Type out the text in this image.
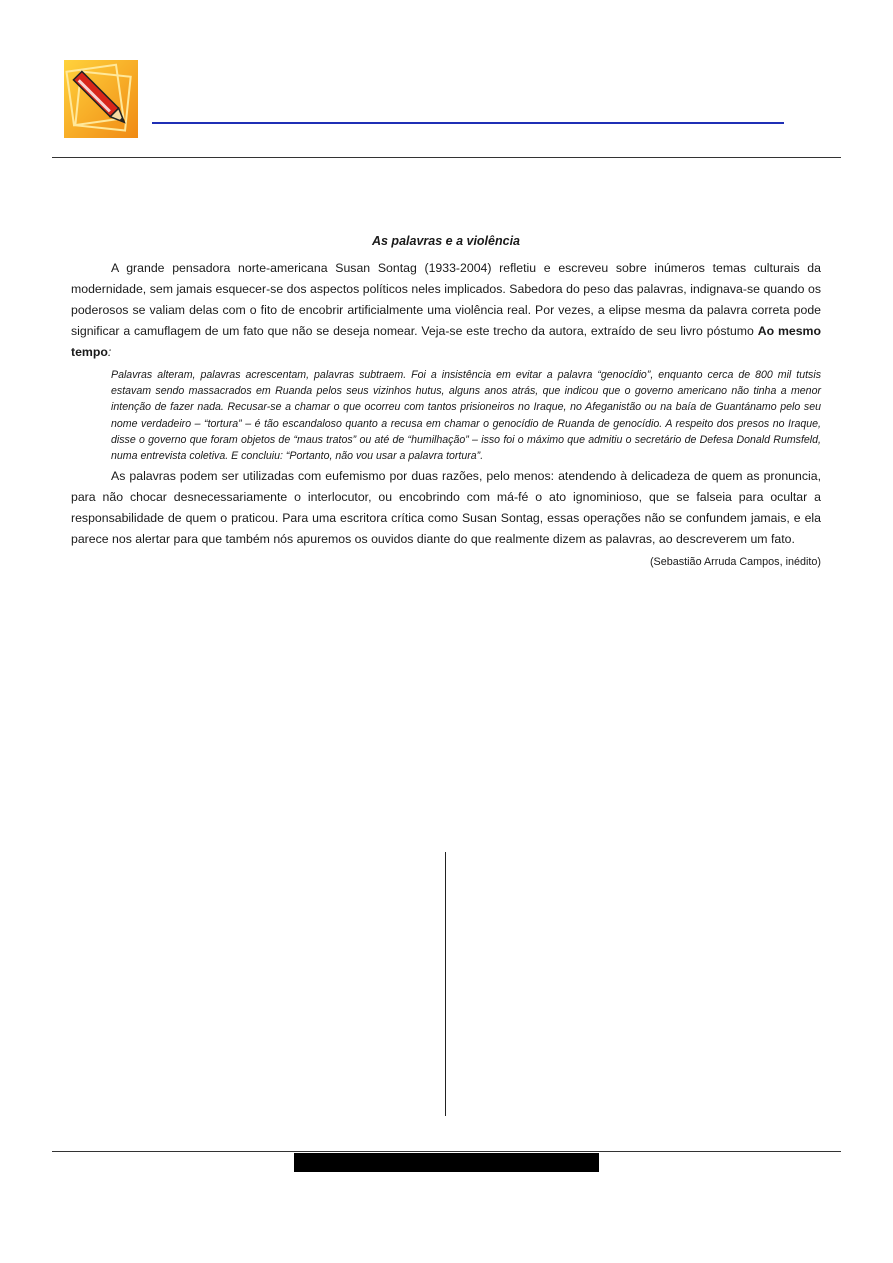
As palavras e a violência

A grande pensadora norte-americana Susan Sontag (1933-2004) refletiu e escreveu sobre inúmeros temas culturais da modernidade, sem jamais esquecer-se dos aspectos políticos neles implicados. Sabedora do peso das palavras, indignava-se quando os poderosos se valiam delas com o fito de encobrir artificialmente uma violência real. Por vezes, a elipse mesma da palavra correta pode significar a camuflagem de um fato que não se deseja nomear. Veja-se este trecho da autora, extraído de seu livro póstumo Ao mesmo tempo:

Palavras alteram, palavras acrescentam, palavras subtraem. Foi a insistência em evitar a palavra “genocídio”, enquanto cerca de 800 mil tutsis estavam sendo massacrados em Ruanda pelos seus vizinhos hutus, alguns anos atrás, que indicou que o governo americano não tinha a menor intenção de fazer nada. Recusar-se a chamar o que ocorreu com tantos prisioneiros no Iraque, no Afeganistão ou na baía de Guantánamo pelo seu nome verdadeiro – “tortura” – é tão escandaloso quanto a recusa em chamar o genocídio de Ruanda de genocídio. A respeito dos presos no Iraque, disse o governo que foram objetos de “maus tratos” ou até de “humilhação” – isso foi o máximo que admitiu o secretário de Defesa Donald Rumsfeld, numa entrevista coletiva. E concluiu: “Portanto, não vou usar a palavra tortura”.

As palavras podem ser utilizadas com eufemismo por duas razões, pelo menos: atendendo à delicadeza de quem as pronuncia, para não chocar desnecessariamente o interlocutor, ou encobrindo com má-fé o ato ignominioso, que se falseia para ocultar a responsabilidade de quem o praticou. Para uma escritora crítica como Susan Sontag, essas operações não se confundem jamais, e ela parece nos alertar para que também nós apuremos os ouvidos diante do que realmente dizem as palavras, ao descreverem um fato.

(Sebastião Arruda Campos, inédito)
